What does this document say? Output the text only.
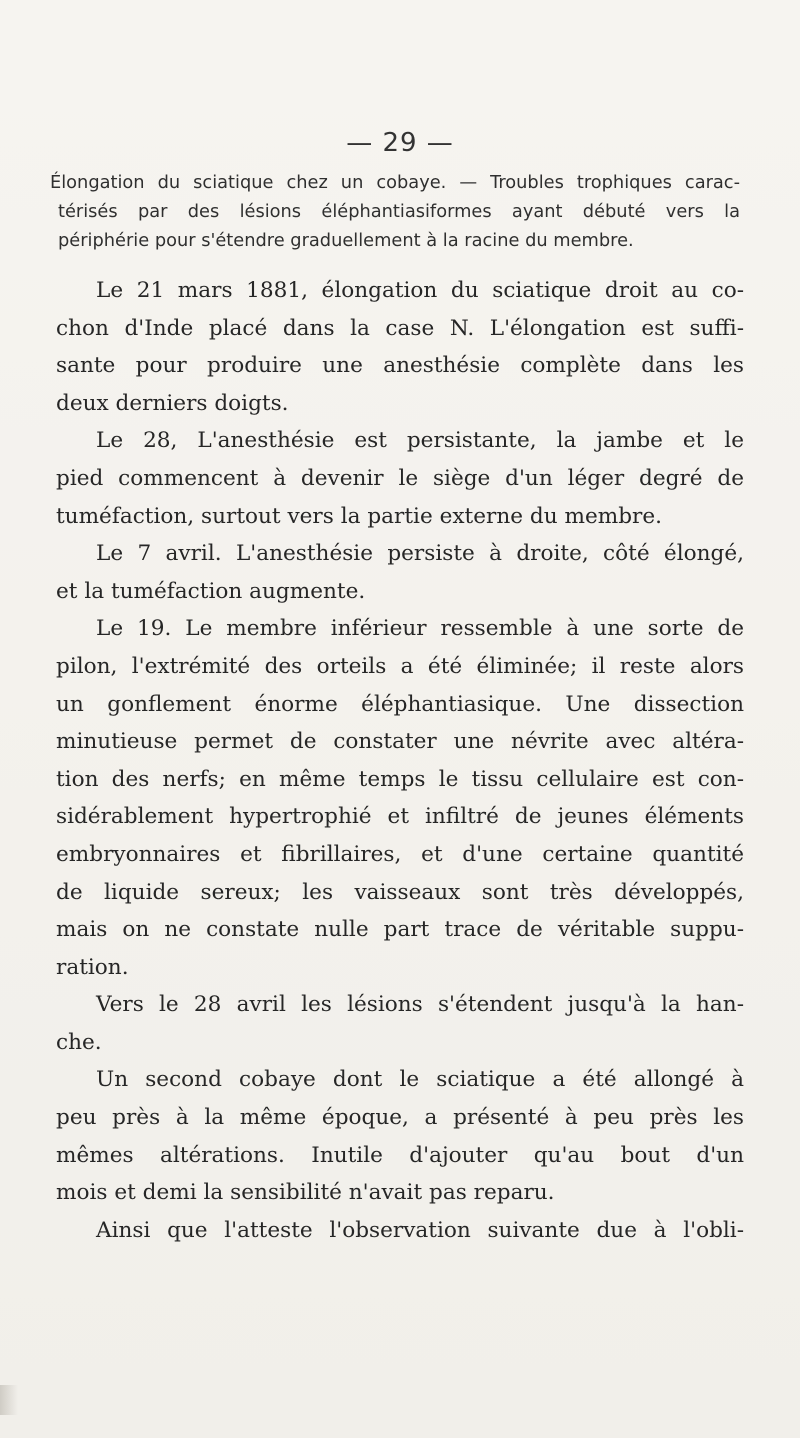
— 29 —
Élongation du sciatique chez un cobaye. — Troubles trophiques carac-
térisés par des lésions éléphantiasiformes ayant débuté vers la
périphérie pour s'étendre graduellement à la racine du membre.

Le 21 mars 1881, élongation du sciatique droit au co-
chon d'Inde placé dans la case N. L'élongation est suffi-
sante pour produire une anesthésie complète dans les
deux derniers doigts.

Le 28, L'anesthésie est persistante, la jambe et le
pied commencent à devenir le siège d'un léger degré de
tuméfaction, surtout vers la partie externe du membre.

Le 7 avril. L'anesthésie persiste à droite, côté élongé,
et la tuméfaction augmente.

Le 19. Le membre inférieur ressemble à une sorte de
pilon, l'extrémité des orteils a été éliminée; il reste alors
un gonflement énorme éléphantiasique. Une dissection
minutieuse permet de constater une névrite avec altéra-
tion des nerfs; en même temps le tissu cellulaire est con-
sidérablement hypertrophié et infiltré de jeunes éléments
embryonnaires et fibrillaires, et d'une certaine quantité
de liquide sereux; les vaisseaux sont très développés,
mais on ne constate nulle part trace de véritable suppu-
ration.

Vers le 28 avril les lésions s'étendent jusqu'à la han-
che.

Un second cobaye dont le sciatique a été allongé à
peu près à la même époque, a présenté à peu près les
mêmes altérations. Inutile d'ajouter qu'au bout d'un
mois et demi la sensibilité n'avait pas reparu.

Ainsi que l'atteste l'observation suivante due à l'obli-
